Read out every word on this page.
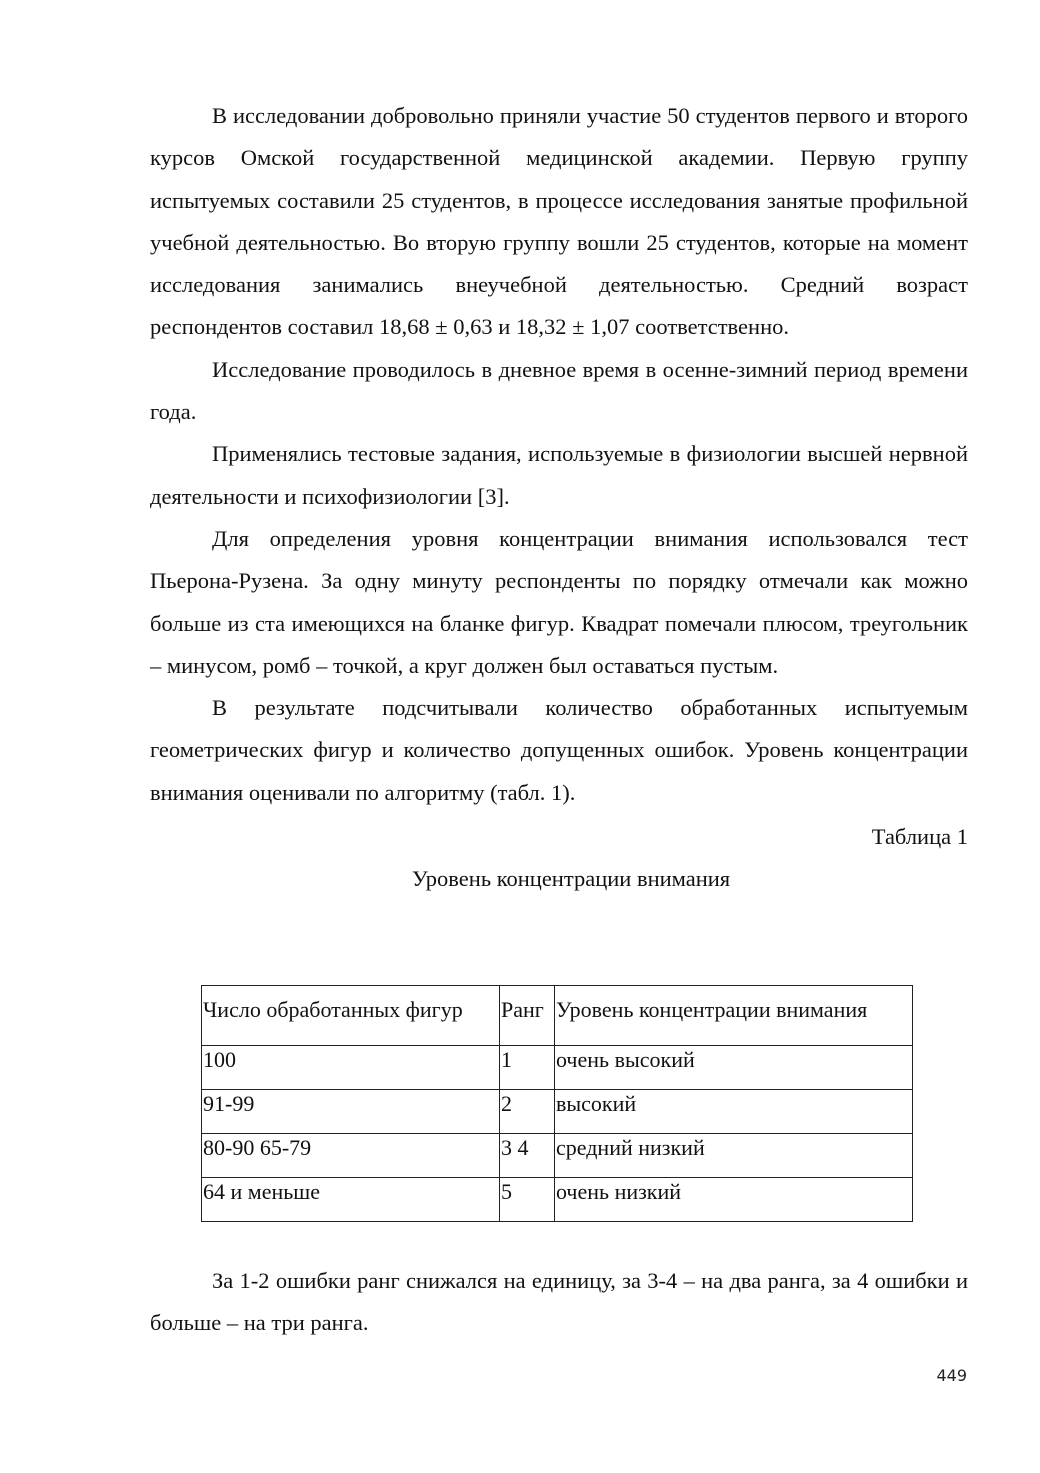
В исследовании добровольно приняли участие 50 студентов первого и второго курсов Омской государственной медицинской академии. Первую группу испытуемых составили 25 студентов, в процессе исследования занятые профильной учебной деятельностью. Во вторую группу вошли 25 студентов, которые на момент исследования занимались внеучебной деятельностью. Средний возраст респондентов составил 18,68 ± 0,63 и 18,32 ± 1,07 соответственно.

Исследование проводилось в дневное время в осенне-зимний период времени года.

Применялись тестовые задания, используемые в физиологии высшей нервной деятельности и психофизиологии [3].

Для определения уровня концентрации внимания использовался тест Пьерона-Рузена. За одну минуту респонденты по порядку отмечали как можно больше из ста имеющихся на бланке фигур. Квадрат помечали плюсом, треугольник – минусом, ромб – точкой, а круг должен был оставаться пустым.

В результате подсчитывали количество обработанных испытуемым геометрических фигур и количество допущенных ошибок. Уровень концентрации внимания оценивали по алгоритму (табл. 1).

Таблица 1

Уровень концентрации внимания

Число обработанных фигур	Ранг	Уровень концентрации внимания
100	1	очень высокий
91-99	2	высокий
80-90 65-79	3 4	средний низкий
64 и меньше	5	очень низкий

За 1-2 ошибки ранг снижался на единицу, за 3-4 – на два ранга, за 4 ошибки и больше – на три ранга.

449
